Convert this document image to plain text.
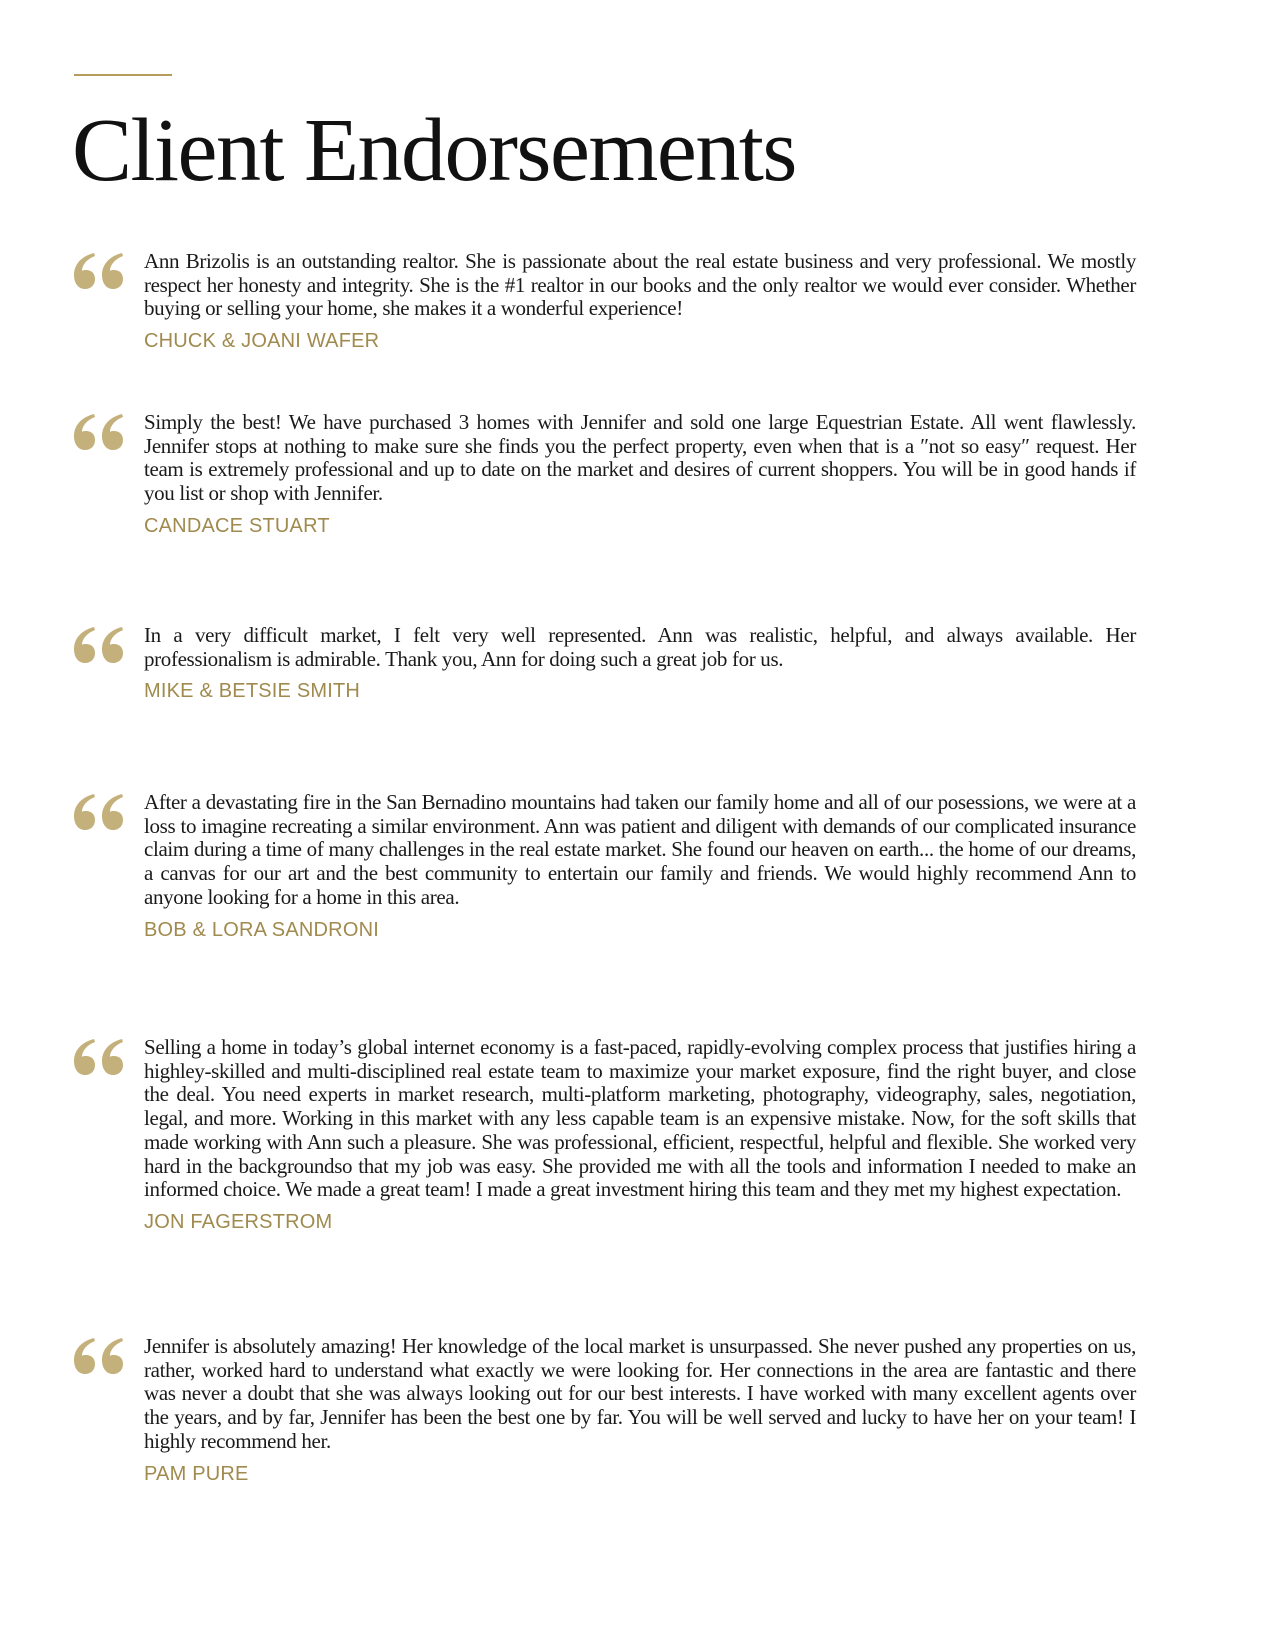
Client Endorsements

Ann Brizolis is an outstanding realtor. She is passionate about the real estate business and very professional. We mostly respect her honesty and integrity. She is the #1 realtor in our books and the only realtor we would ever consider. Whether buying or selling your home, she makes it a wonderful experience!

CHUCK & JOANI WAFER

Simply the best! We have purchased 3 homes with Jennifer and sold one large Equestrian Estate. All went flawlessly. Jennifer stops at nothing to make sure she finds you the perfect property, even when that is a ″not so easy″ request. Her team is extremely professional and up to date on the market and desires of current shoppers. You will be in good hands if you list or shop with Jennifer.

CANDACE STUART

In a very difficult market, I felt very well represented. Ann was realistic, helpful, and always available. Her professionalism is admirable. Thank you, Ann for doing such a great job for us.

MIKE & BETSIE SMITH

After a devastating fire in the San Bernadino mountains had taken our family home and all of our posessions, we were at a loss to imagine recreating a similar environment. Ann was patient and diligent with demands of our complicated insurance claim during a time of many challenges in the real estate market. She found our heaven on earth... the home of our dreams, a canvas for our art and the best community to entertain our family and friends. We would highly recommend Ann to anyone looking for a home in this area.

BOB & LORA SANDRONI

Selling a home in today’s global internet economy is a fast-paced, rapidly-evolving complex process that justifies hiring a highley-skilled and multi-disciplined real estate team to maximize your market exposure, find the right buyer, and close the deal. You need experts in market research, multi-platform marketing, photography, videography, sales, negotiation, legal, and more. Working in this market with any less capable team is an expensive mistake. Now, for the soft skills that made working with Ann such a pleasure. She was professional, efficient, respectful, helpful and flexible. She worked very hard in the backgroundso that my job was easy. She provided me with all the tools and information I needed to make an informed choice. We made a great team! I made a great investment hiring this team and they met my highest expectation.

JON FAGERSTROM

Jennifer is absolutely amazing! Her knowledge of the local market is unsurpassed. She never pushed any properties on us, rather, worked hard to understand what exactly we were looking for. Her connections in the area are fantastic and there was never a doubt that she was always looking out for our best interests. I have worked with many excellent agents over the years, and by far, Jennifer has been the best one by far. You will be well served and lucky to have her on your team! I highly recommend her.

PAM PURE
